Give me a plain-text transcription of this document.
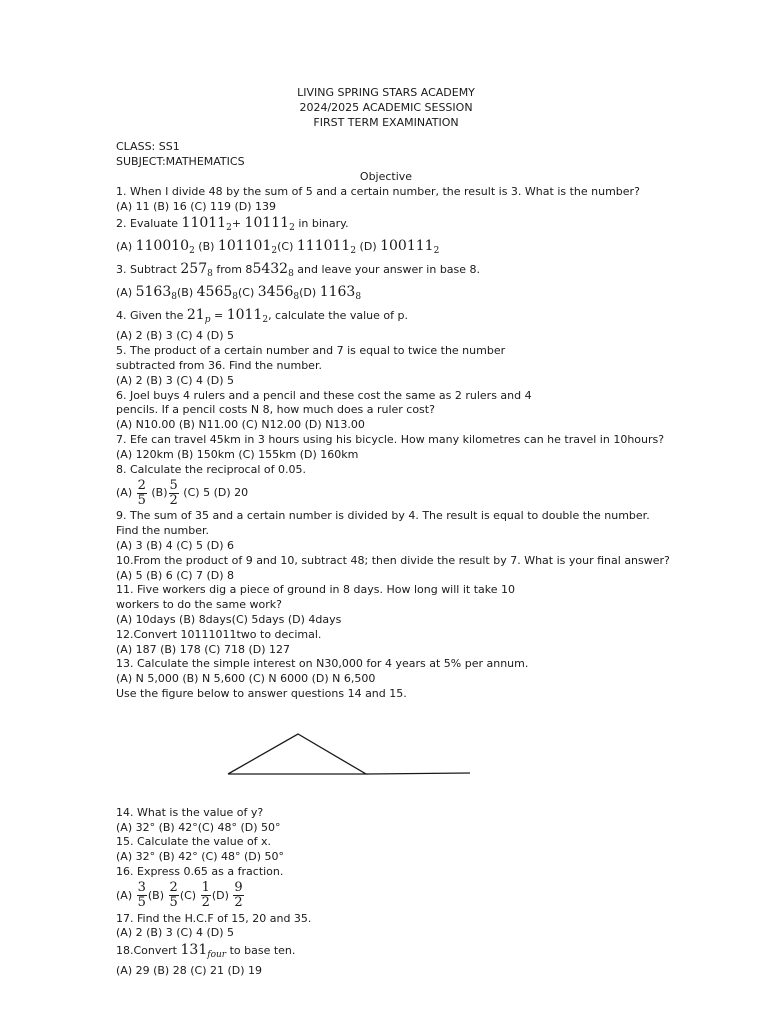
LIVING SPRING STARS ACADEMY
2024/2025 ACADEMIC SESSION
FIRST TERM EXAMINATION
CLASS: SS1
SUBJECT:MATHEMATICS
Objective
1. When I divide 48 by the sum of 5 and a certain number, the result is 3. What is the number?
(A) 11 (B) 16 (C) 119 (D) 139
2. Evaluate $11011_2+ 10111_2$ in binary.
(A) $110010_2$ (B) $101101_2(C)$ $111011_2$ (D) $100111_2$
3. Subtract $257_8$ from $85432_8$ and leave your answer in base 8.
(A) $5163_8(B)$ $4565_8(C)$ $3456_8(D)$ $1163_8$
4. Given the $21_p = 1011_2$, calculate the value of p.
(A) 2 (B) 3 (C) 4 (D) 5
5. The product of a certain number and 7 is equal to twice the number
subtracted from 36. Find the number.
(A) 2 (B) 3 (C) 4 (D) 5
6. Joel buys 4 rulers and a pencil and these cost the same as 2 rulers and 4
pencils. If a pencil costs N 8, how much does a ruler cost?
(A) N10.00 (B) N11.00 (C) N12.00 (D) N13.00
7. Efe can travel 45km in 3 hours using his bicycle. How many kilometres can he travel in 10hours?
(A) 120km (B) 150km (C) 155km (D) 160km
8. Calculate the reciprocal of 0.05.
$(A) \frac{2}{5} (B) \frac{5}{2} (C)$ 5 (D) 20
9. The sum of 35 and a certain number is divided by 4. The result is equal to double the number. Find the number.
(A) 3 (B) 4 (C) 5 (D) 6
10.From the product of 9 and 10, subtract 48; then divide the result by 7. What is your final answer?
(A) 5 (B) 6 (C) 7 (D) 8
11. Five workers dig a piece of ground in 8 days. How long will it take 10
workers to do the same work?
(A) 10days (B) 8days(C) 5days (D) 4days
12.Convert 10111011two to decimal.
(A) 187 (B) 178 (C) 718 (D) 127
13. Calculate the simple interest on N30,000 for 4 years at 5% per annum.
(A) N 5,000 (B) N 5,600 (C) N 6000 (D) N 6,500
Use the figure below to answer questions 14 and 15.
14. What is the value of y?
(A) 32° (B) 42°(C) 48° (D) 50°
15. Calculate the value of x.
(A) 32° (B) 42° (C) 48° (D) 50°
16. Express 0.65 as a fraction.
$(A) \frac{3}{5} (B) \frac{2}{5} (C) \frac{1}{2} (D) \frac{9}{2}$
17. Find the H.C.F of 15, 20 and 35.
(A) 2 (B) 3 (C) 4 (D) 5
18.Convert $131_{four}$ to base ten.
(A) 29 (B) 28 (C) 21 (D) 19
